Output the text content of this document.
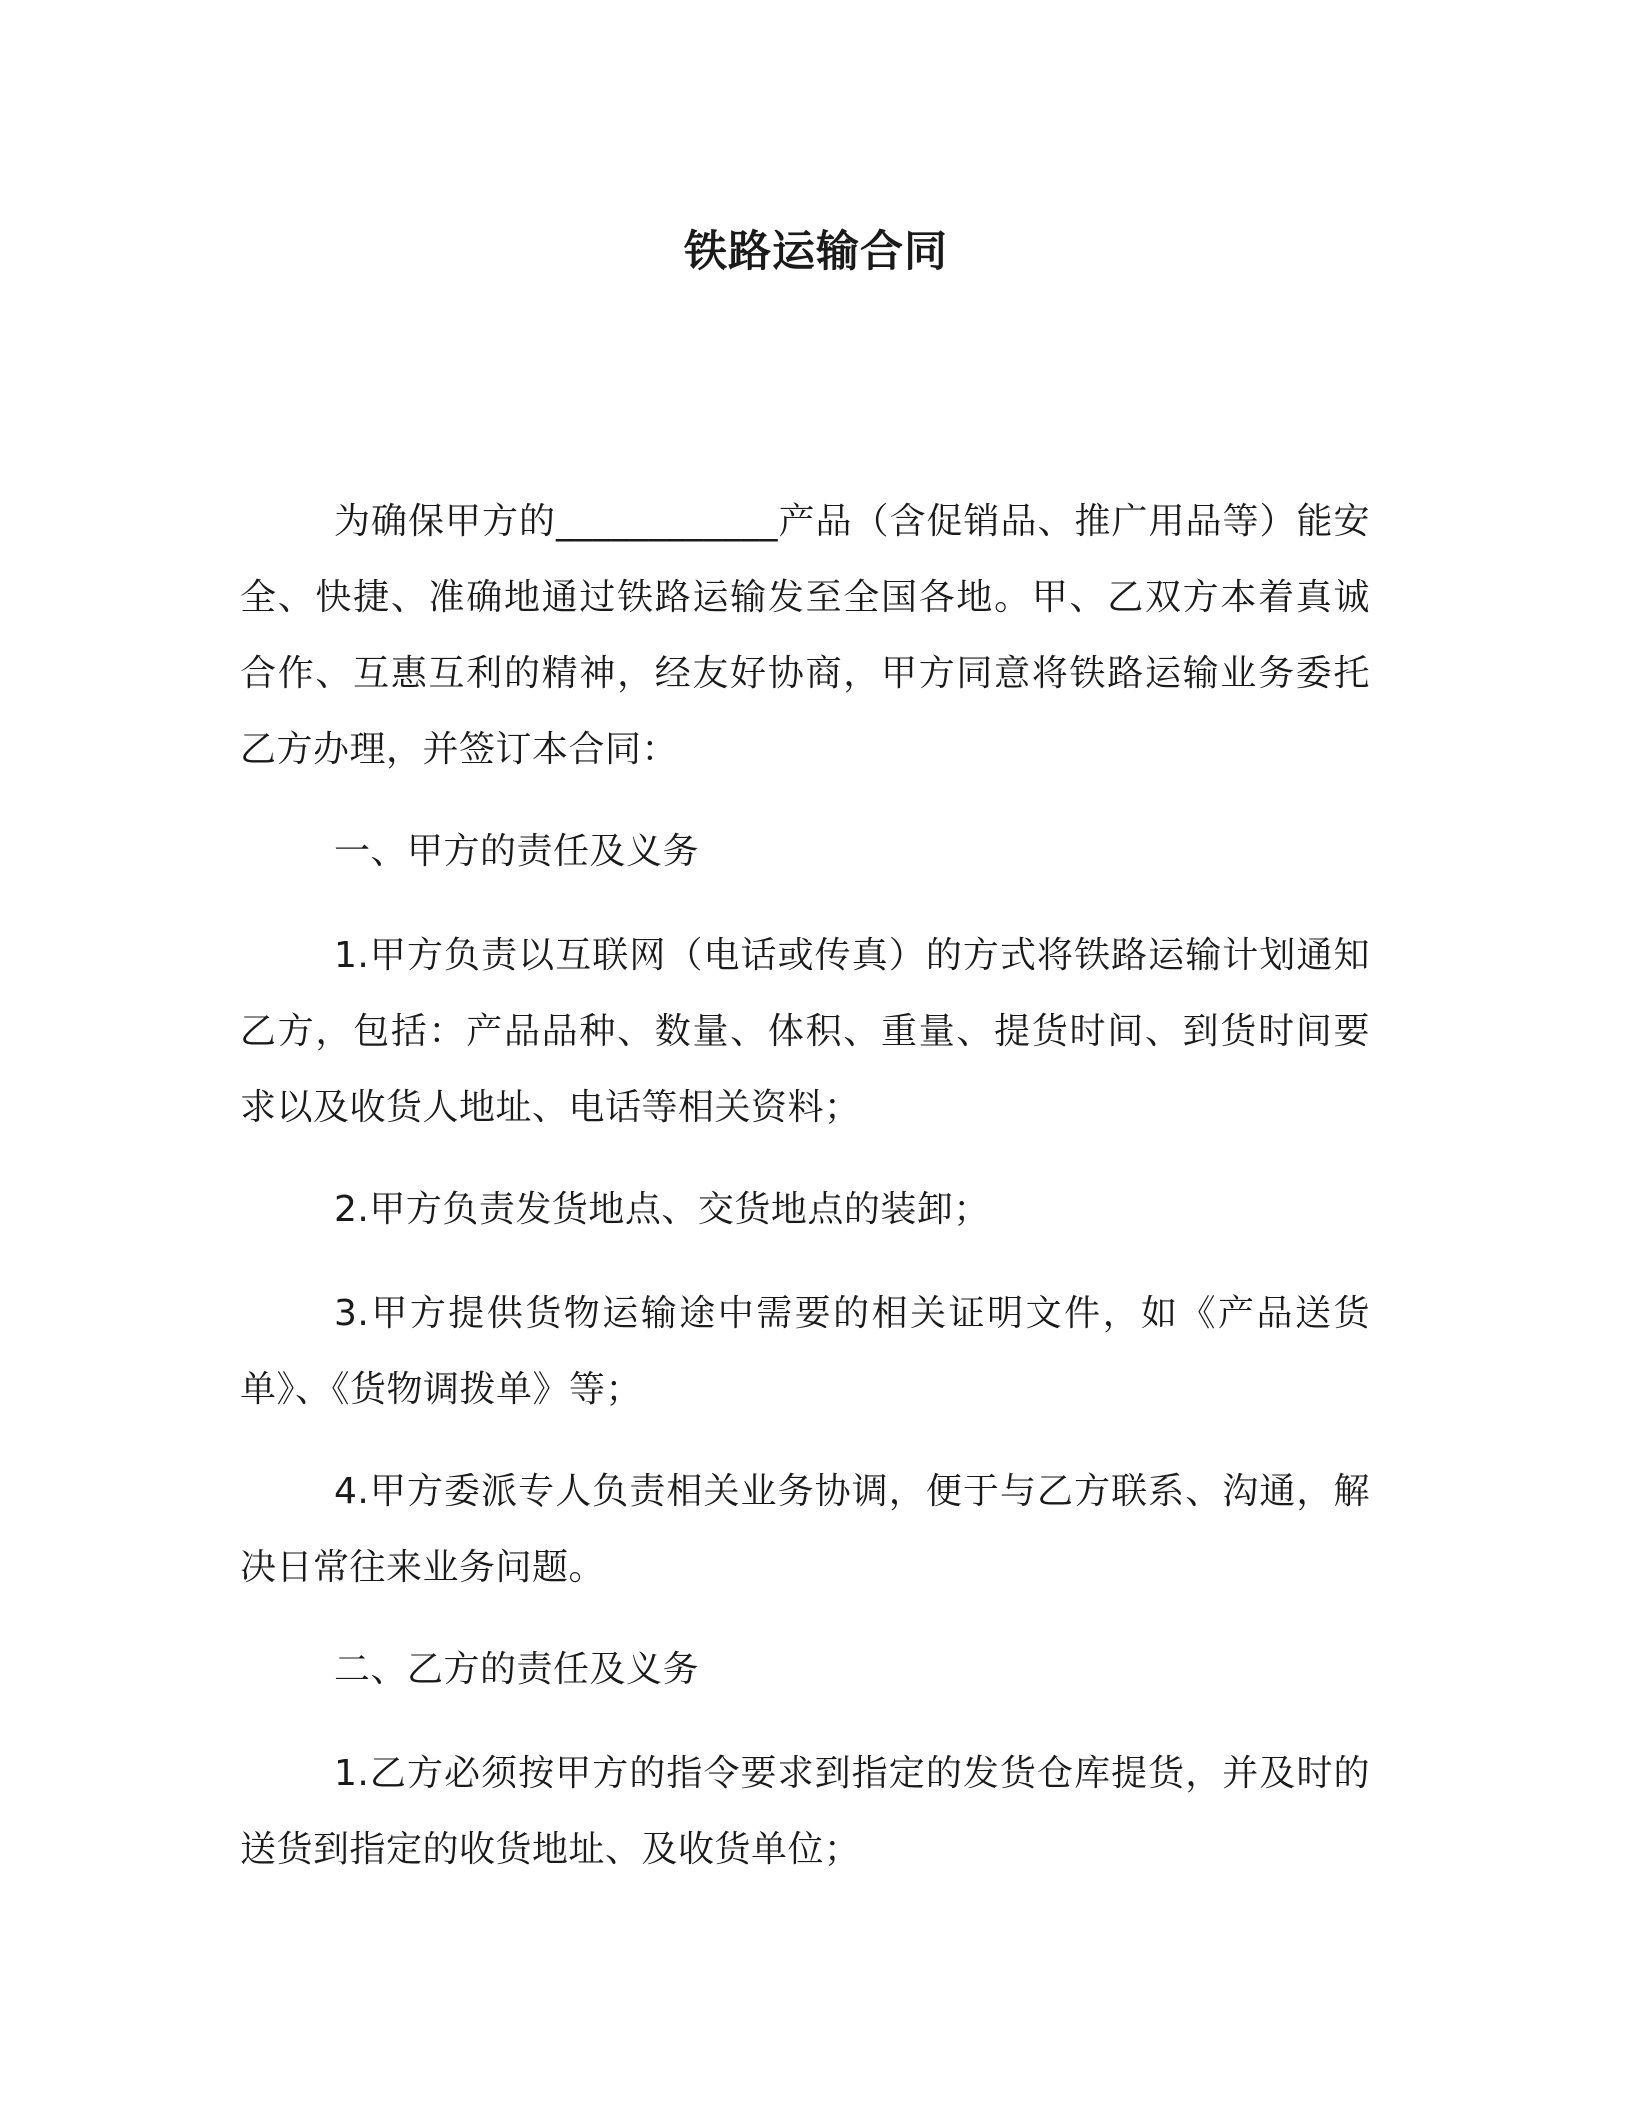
铁路运输合同

为确保甲方的____________产品（含促销品、推广用品等）能安全、快捷、准确地通过铁路运输发至全国各地。甲、乙双方本着真诚合作、互惠互利的精神，经友好协商，甲方同意将铁路运输业务委托乙方办理，并签订本合同：

一、甲方的责任及义务

1.甲方负责以互联网（电话或传真）的方式将铁路运输计划通知乙方，包括：产品品种、数量、体积、重量、提货时间、到货时间要求以及收货人地址、电话等相关资料；

2.甲方负责发货地点、交货地点的装卸；

3.甲方提供货物运输途中需要的相关证明文件，如《产品送货单》、《货物调拨单》等；

4.甲方委派专人负责相关业务协调，便于与乙方联系、沟通，解决日常往来业务问题。

二、乙方的责任及义务

1.乙方必须按甲方的指令要求到指定的发货仓库提货，并及时的送货到指定的收货地址、及收货单位；
